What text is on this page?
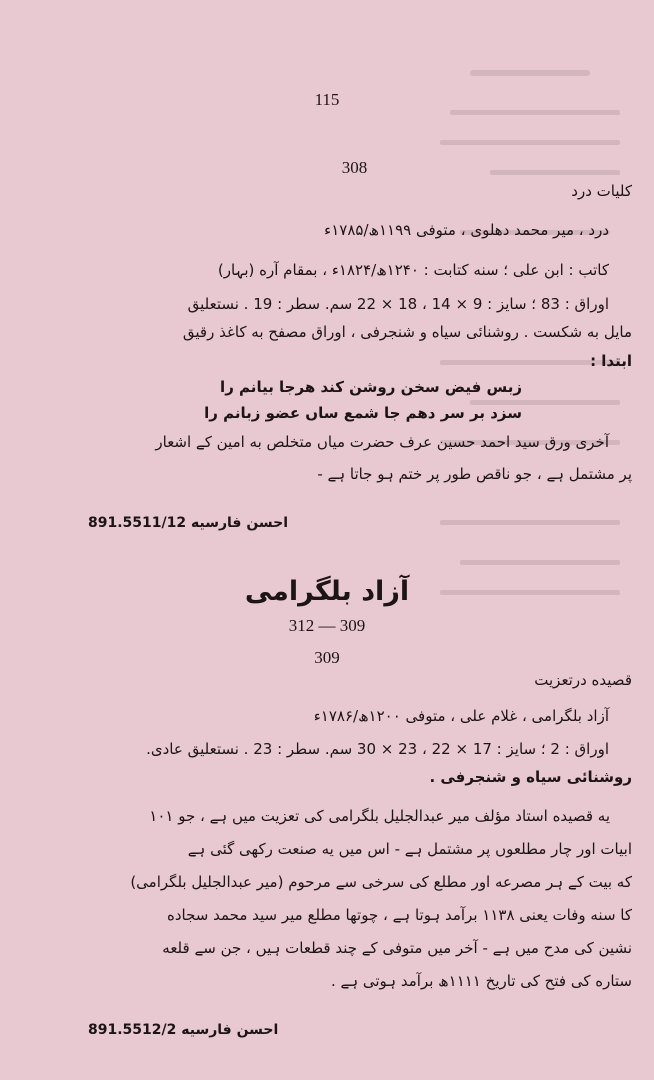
115
308
کلیات درد
درد ، میر محمد دهلوی ، متوفی ۱۱۹۹ھ/۱۷۸۵ء
کاتب : ابن علی ؛ سنه کتابت : ۱۲۴۰ھ/۱۸۲۴ء ، بمقام آره (بہار)
اوراق : 83 ؛ سایز : 9 × 14 ، 18 × 22 سم. سطر : 19 . نستعلیق
مایل به شکست . روشنائی سیاه و شنجرفی ، اوراق مصفح به کاغذ رقیق
ابتدا :
زبس فیض سخن روشن کند هرجا بیانم را
سزد بر سر دهم جا شمع ساں عضو زبانم را
آخری ورق سید احمد حسین عرف حضرت میاں متخلص به امین کے اشعار
پر مشتمل ہے ، جو ناقص طور پر ختم ہو جاتا ہے -
احسن فارسیه 891.5511/12
آزاد بلگرامی
312 — 309
309
قصیده درتعزیت
آزاد بلگرامی ، غلام علی ، متوفی ۱۲۰۰ھ/۱۷۸۶ء
اوراق : 2 ؛ سایز : 17 × 22 ، 23 × 30 سم. سطر : 23 . نستعلیق عادی.
روشنائی سیاه و شنجرفی .
یه قصیده استاد مؤلف میر عبدالجلیل بلگرامی کی تعزیت میں ہے ، جو ۱۰۱
ابیات اور چار مطلعوں پر مشتمل ہے - اس میں یه صنعت رکھی گئی ہے
که بیت کے ہر مصرعه اور مطلع کی سرخی سے مرحوم (میر عبدالجلیل بلگرامی)
کا سنه وفات یعنی ۱۱۳۸ برآمد ہوتا ہے ، چوتھا مطلع میر سید محمد سجاده
نشین کی مدح میں ہے - آخر میں متوفی کے چند قطعات ہیں ، جن سے قلعه
ستاره کی فتح کی تاریخ ۱۱۱۱ھ برآمد ہوتی ہے .
احسن فارسیه 891.5512/2
